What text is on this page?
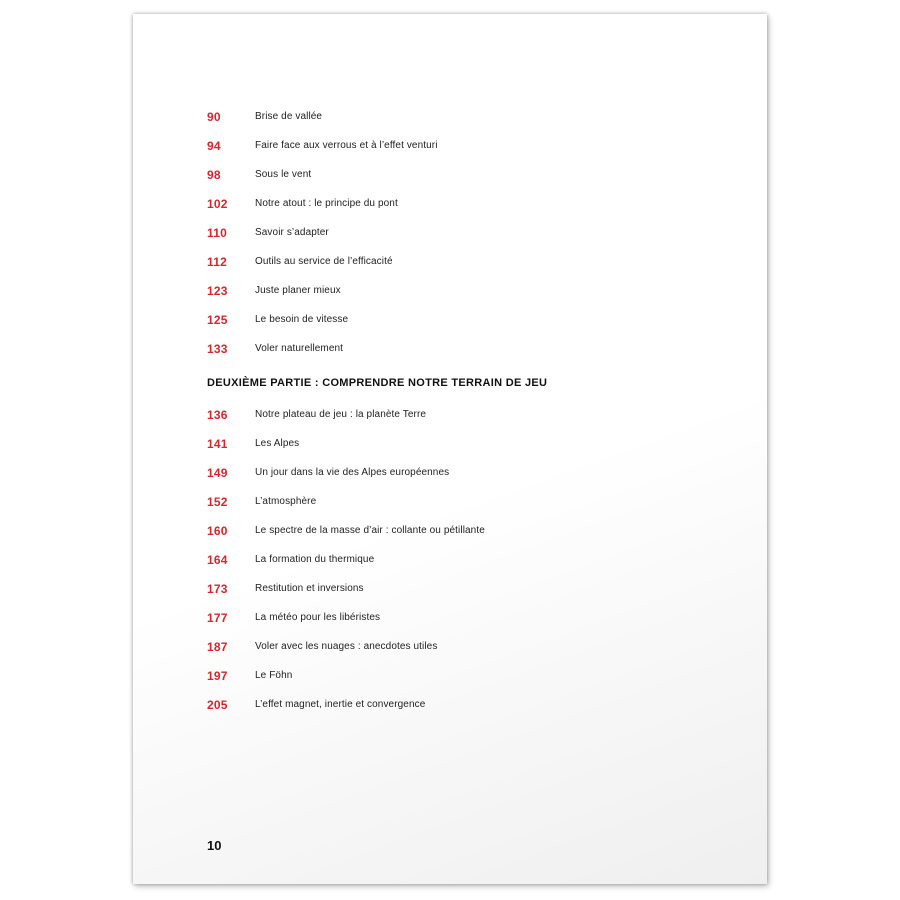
90	Brise de vallée
94	Faire face aux verrous et à l’effet venturi
98	Sous le vent
102	Notre atout : le principe du pont
110	Savoir s’adapter
112	Outils au service de l’efficacité
123	Juste planer mieux
125	Le besoin de vitesse
133	Voler naturellement
DEUXIÈME PARTIE : COMPRENDRE NOTRE TERRAIN DE JEU
136	Notre plateau de jeu : la planète Terre
141	Les Alpes
149	Un jour dans la vie des Alpes européennes
152	L’atmosphère
160	Le spectre de la masse d’air : collante ou pétillante
164	La formation du thermique
173	Restitution et inversions
177	La météo pour les libéristes
187	Voler avec les nuages : anecdotes utiles
197	Le Föhn
205	L’effet magnet, inertie et convergence
10
